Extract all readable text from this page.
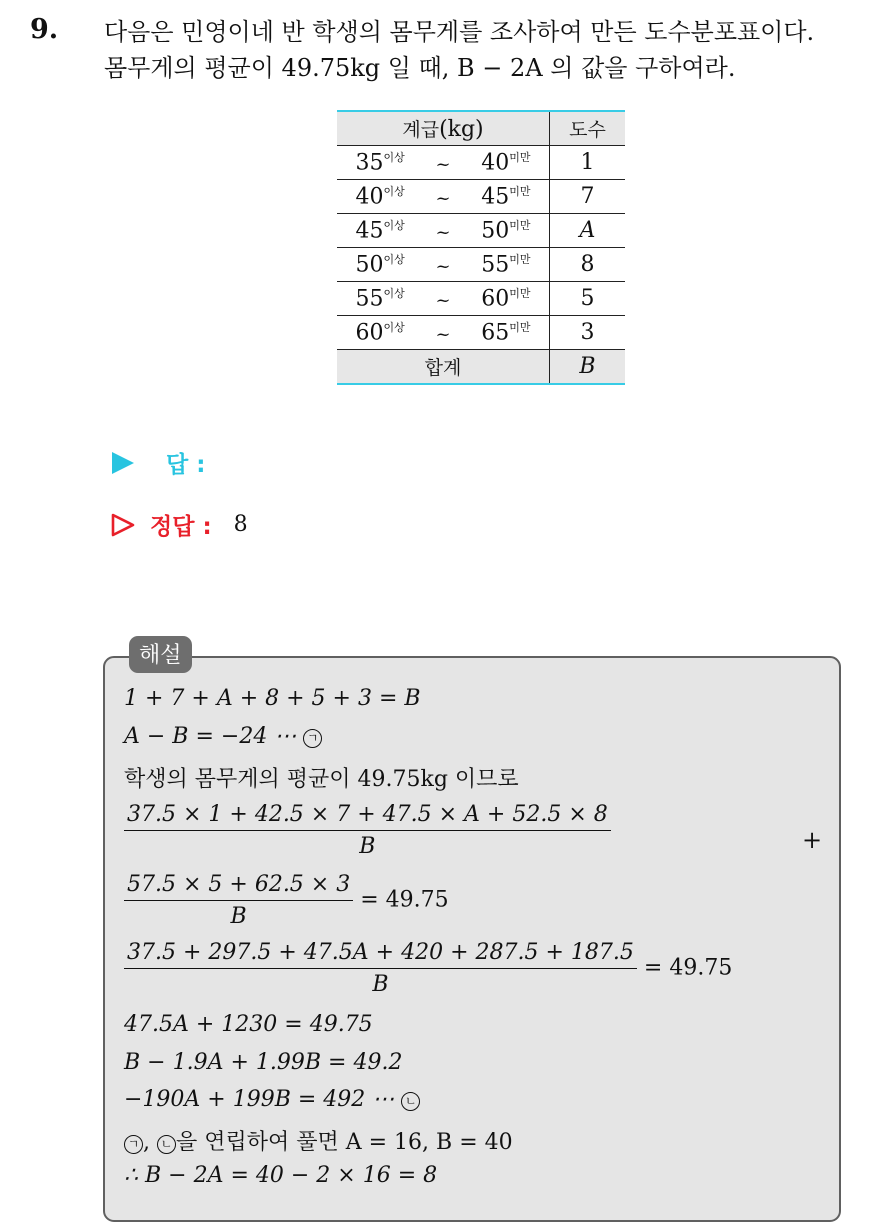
9. 다음은 민영이네 반 학생의 몸무게를 조사하여 만든 도수분포표이다.
몸무게의 평균이 49.75kg 일 때, B − 2A 의 값을 구하여라.
계급(kg)	도수

$35^{이상}$ ~ $40^{미만}$	1

$40^{이상}$ ~ $45^{미만}$	7

$45^{이상}$ ~ $50^{미만}$	A

$50^{이상}$ ~ $55^{미만}$	8

$55^{이상}$ ~ $60^{미만}$	5

$60^{이상}$ ~ $65^{미만}$	3
합계	B
답 :
정답 : 8
해설
1 + 7 + A + 8 + 5 + 3 = B
A − B = −24 ⋯ ㄱ
학생의 몸무게의 평균이 49.75kg 이므로
$\frac{37.5 \times 1 + 42.5 \times 7 + 47.5 \times A + 52.5 \times 8}{B}$	+
$\frac{57.5 \times 5 + 62.5 \times 3}{B} = 49.75$
$\frac{37.5 + 297.5 + 47.5A + 420 + 287.5 + 187.5}{B} = 49.75$
47.5A + 1230 = 49.75
B − 1.9A + 1.99B = 49.2
−190A + 199B = 492 ⋯ ㄴ
ㄱ , ㄴ 을 연립하여 풀면 A = 16, B = 40
∴ B − 2A = 40 − 2 × 16 = 8
